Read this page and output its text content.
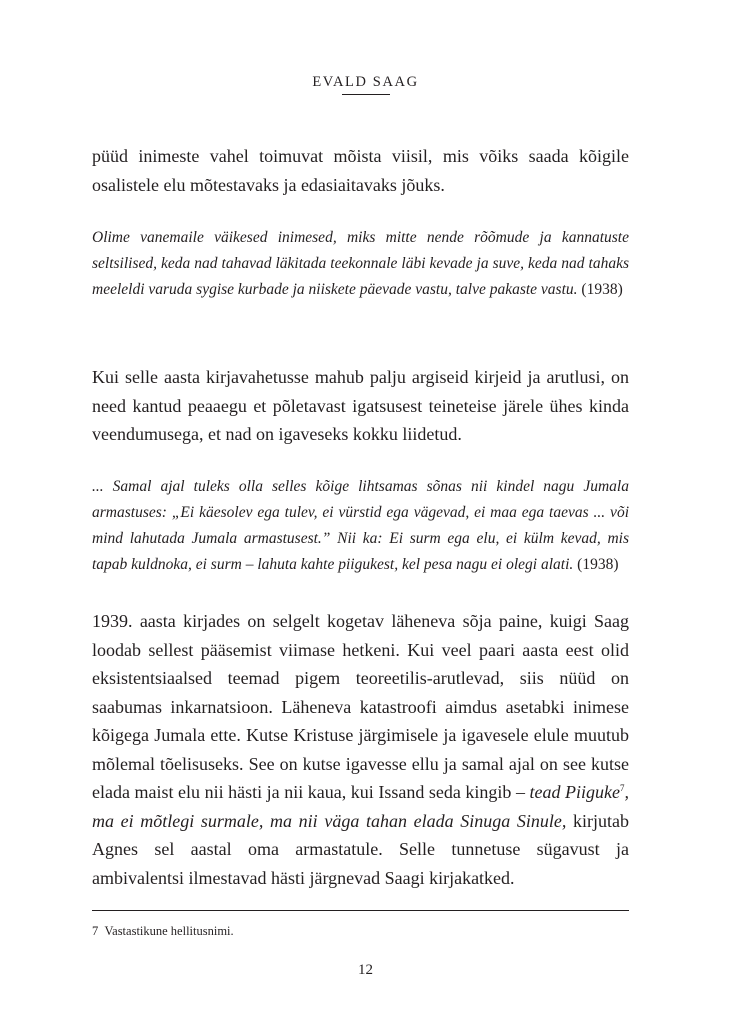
EVALD SAAG

püüd inimeste vahel toimuvat mõista viisil, mis võiks saada kõigile osalistele elu mõtestavaks ja edasiaitavaks jõuks.

Olime vanemaile väikesed inimesed, miks mitte nende rõõmude ja kannatuste seltsilised, keda nad tahavad läkitada teekonnale läbi kevade ja suve, keda nad tahaks meeleldi varuda sygise kurbade ja niiskete päevade vastu, talve pakaste vastu. (1938)

Kui selle aasta kirjavahetusse mahub palju argiseid kirjeid ja arutlusi, on need kantud peaaegu et põletavast igatsusest teineteise järele ühes kinda veendumusega, et nad on igaveseks kokku liidetud.

... Samal ajal tuleks olla selles kõige lihtsamas sõnas nii kindel nagu Jumala armastuses: „Ei käesolev ega tulev, ei vürstid ega vägevad, ei maa ega taevas ... või mind lahutada Jumala armastusest.” Nii ka: Ei surm ega elu, ei külm kevad, mis tapab kuldnoka, ei surm – lahuta kahte piigukest, kel pesa nagu ei olegi alati. (1938)

1939. aasta kirjades on selgelt kogetav läheneva sõja paine, kuigi Saag loodab sellest pääsemist viimase hetkeni. Kui veel paari aasta eest olid eksistentsiaalsed teemad pigem teoreetilis-arutlevad, siis nüüd on saabumas inkarnatsioon. Läheneva katastroofi aimdus asetabki inimese kõigega Jumala ette. Kutse Kristuse järgimisele ja igavesele elule muutub mõlemal tõelisuseks. See on kutse igavesse ellu ja samal ajal on see kutse elada maist elu nii hästi ja nii kaua, kui Issand seda kingib – tead Piiguke$^7$, ma ei mõtlegi surmale, ma nii väga tahan elada Sinuga Sinule, kirjutab Agnes sel aastal oma armastatule. Selle tunnetuse sügavust ja ambivalentsi ilmestavad hästi järgnevad Saagi kirjakatked.

7 Vastastikune hellitusnimi.
12
